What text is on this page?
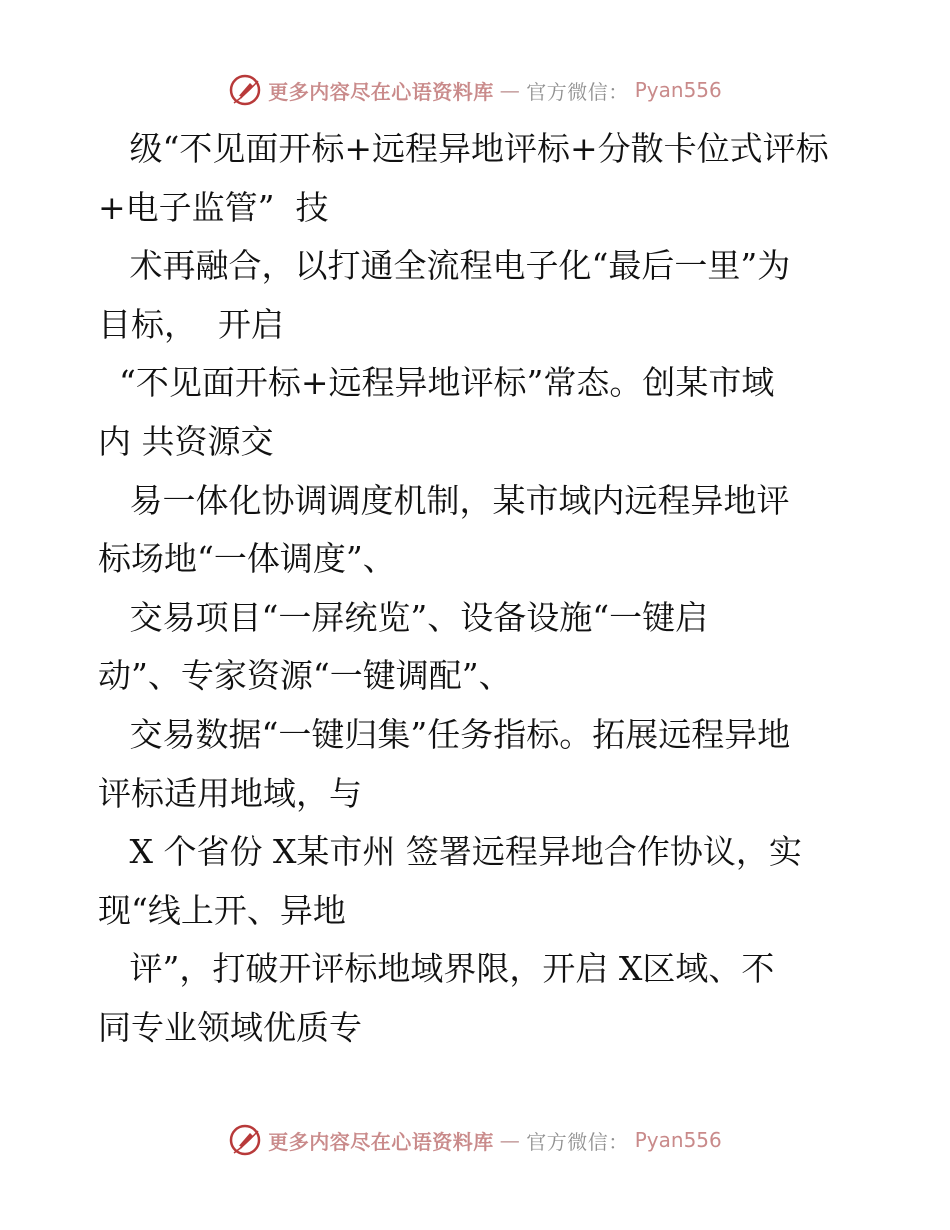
更多内容尽在心语资料库 — 官方微信： Pyan556
级“不见面开标+远程异地评标+分散卡位式评标
+电子监管”  技
术再融合，以打通全流程电子化“最后一里”为
目标，  开启
“不见面开标+远程异地评标”常态。创某市域
内 共资源交
易一体化协调调度机制，某市域内远程异地评
标场地“一体调度”、
交易项目“一屏统览”、设备设施“一键启
动”、专家资源“一键调配”、
交易数据“一键归集”任务指标。拓展远程异地
评标适用地域，与
X 个省份 X某市州 签署远程异地合作协议，实
现“线上开、异地
评”，打破开评标地域界限，开启 X区域、不
同专业领域优质专
更多内容尽在心语资料库 — 官方微信： Pyan556
